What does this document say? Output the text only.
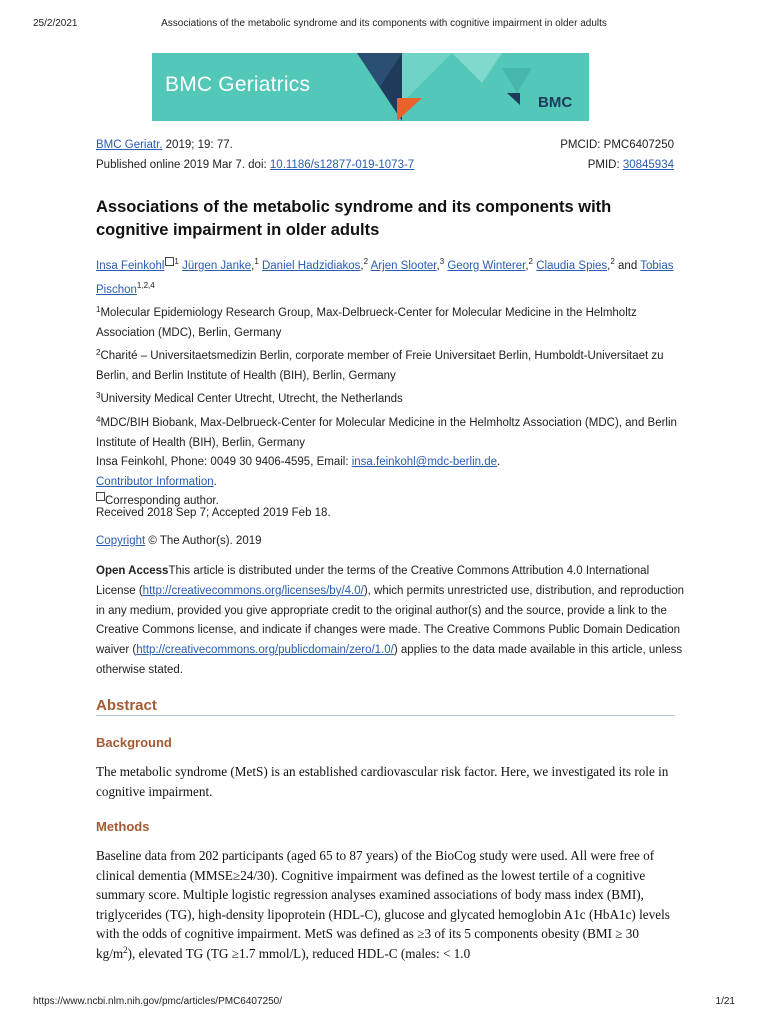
25/2/2021	Associations of the metabolic syndrome and its components with cognitive impairment in older adults
BMC Geriatrics
BMC
BMC Geriatr. 2019; 19: 77.	PMCID: PMC6407250
Published online 2019 Mar 7. doi: 10.1186/s12877-019-1073-7	PMID: 30845934
Associations of the metabolic syndrome and its components with cognitive impairment in older adults
Insa Feinkohl $^1$ Jürgen Janke,$^1$ Daniel Hadzidiakos,$^2$ Arjen Slooter,$^3$ Georg Winterer,$^2$ Claudia Spies,$^2$ and Tobias Pischon$^{1,2,4}$
$^1$Molecular Epidemiology Research Group, Max-Delbrueck-Center for Molecular Medicine in the Helmholtz Association (MDC), Berlin, Germany
$^2$Charité – Universitaetsmedizin Berlin, corporate member of Freie Universitaet Berlin, Humboldt-Universitaet zu Berlin, and Berlin Institute of Health (BIH), Berlin, Germany
$^3$University Medical Center Utrecht, Utrecht, the Netherlands
$^4$MDC/BIH Biobank, Max-Delbrueck-Center for Molecular Medicine in the Helmholtz Association (MDC), and Berlin Institute of Health (BIH), Berlin, Germany
Insa Feinkohl, Phone: 0049 30 9406-4595, Email: insa.feinkohl@mdc-berlin.de.
Contributor Information.
Corresponding author.
Received 2018 Sep 7; Accepted 2019 Feb 18.
Copyright © The Author(s). 2019
Open AccessThis article is distributed under the terms of the Creative Commons Attribution 4.0 International License (http://creativecommons.org/licenses/by/4.0/), which permits unrestricted use, distribution, and reproduction in any medium, provided you give appropriate credit to the original author(s) and the source, provide a link to the Creative Commons license, and indicate if changes were made. The Creative Commons Public Domain Dedication waiver (http://creativecommons.org/publicdomain/zero/1.0/) applies to the data made available in this article, unless otherwise stated.
Abstract
Background
The metabolic syndrome (MetS) is an established cardiovascular risk factor. Here, we investigated its role in cognitive impairment.
Methods
Baseline data from 202 participants (aged 65 to 87 years) of the BioCog study were used. All were free of clinical dementia (MMSE≥24/30). Cognitive impairment was defined as the lowest tertile of a cognitive summary score. Multiple logistic regression analyses examined associations of body mass index (BMI), triglycerides (TG), high-density lipoprotein (HDL-C), glucose and glycated hemoglobin A1c (HbA1c) levels with the odds of cognitive impairment. MetS was defined as ≥3 of its 5 components obesity (BMI ≥ 30 $kg/m^2$), elevated TG (TG ≥1.7 mmol/L), reduced HDL-C (males: < 1.0
https://www.ncbi.nlm.nih.gov/pmc/articles/PMC6407250/	1/21
